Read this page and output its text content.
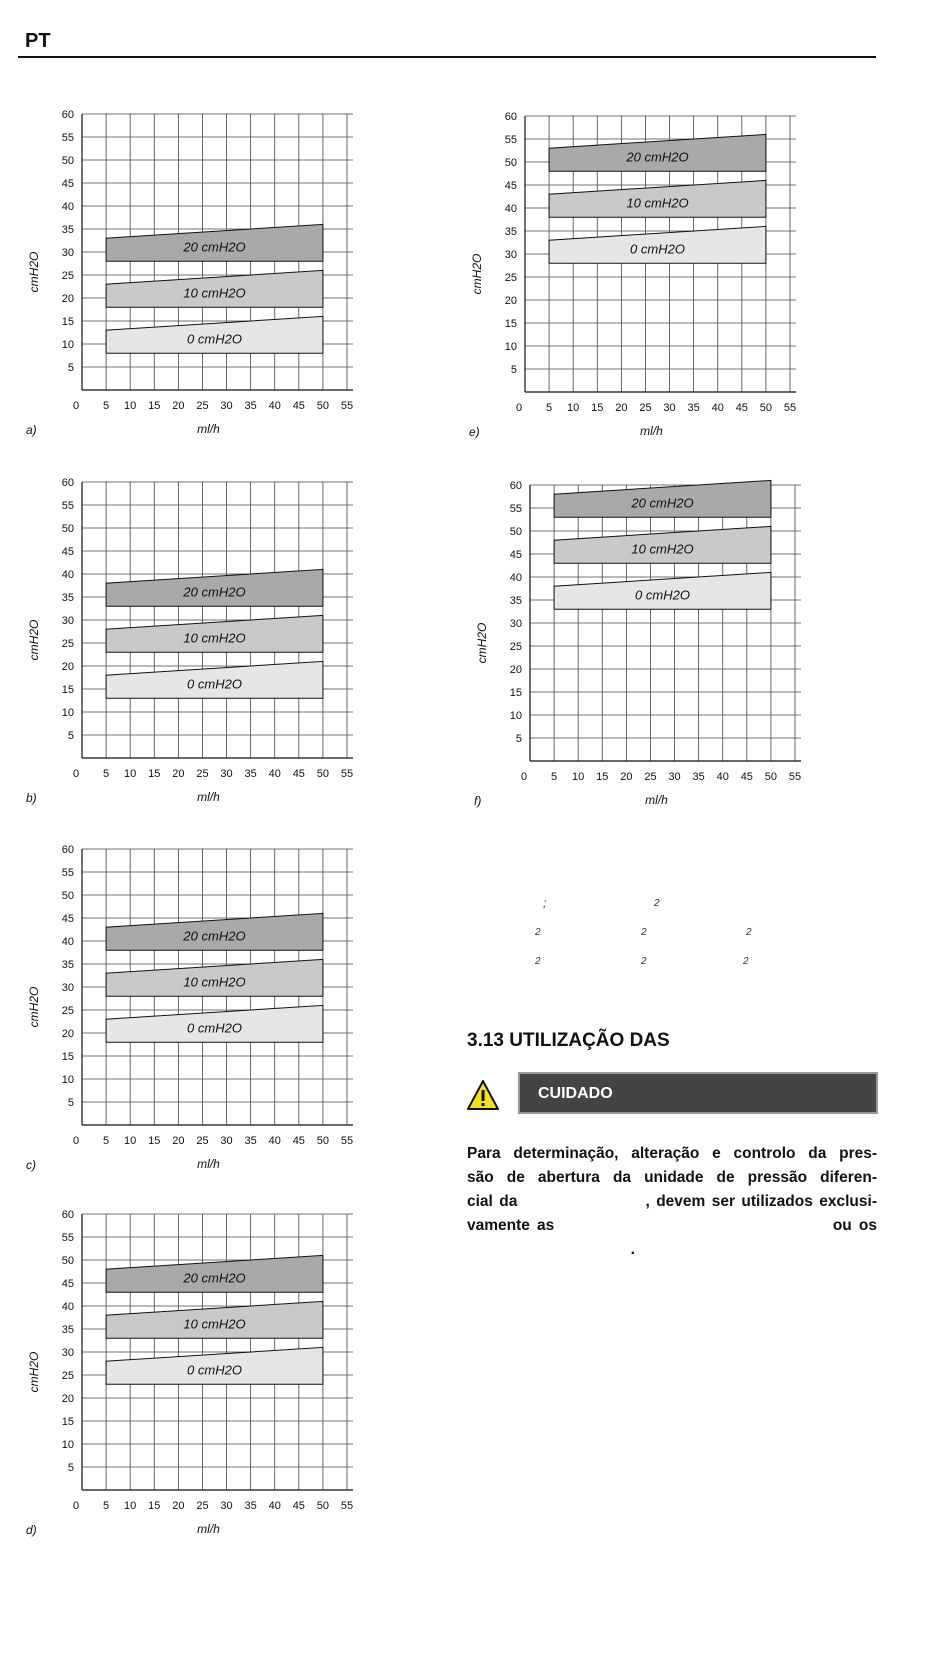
PT
0 cmH2O
10 cmH2O
20 cmH2O
5
10
15
20
25
30
35
40
45
50
55
60
0 5 10 15 20 25 30 35 40 45 50 55
ml/h
cmH2O
a)
0 cmH2O
10 cmH2O
20 cmH2O
5
10
15
20
25
30
35
40
45
50
55
60
0 5 10 15 20 25 30 35 40 45 50 55
ml/h
cmH2O
b)
0 cmH2O
10 cmH2O
20 cmH2O
5
10
15
20
25
30
35
40
45
50
55
60
0 5 10 15 20 25 30 35 40 45 50 55
ml/h
cmH2O
c)
0 cmH2O
10 cmH2O
20 cmH2O
5
10
15
20
25
30
35
40
45
50
55
60
0 5 10 15 20 25 30 35 40 45 50 55
ml/h
cmH2O
d)
0 cmH2O
10 cmH2O
20 cmH2O
5
10
15
20
25
30
35
40
45
50
55
60
0 5 10 15 20 25 30 35 40 45 50 55
ml/h
cmH2O
e)
0 cmH2O
10 cmH2O
20 cmH2O
5
10
15
20
25
30
35
40
45
50
55
60
0 5 10 15 20 25 30 35 40 45 50 55
ml/h
cmH2O
f)
;	2
2	2	2
2	2	2
3.13 UTILIZAÇÃO DAS
CUIDADO
Para determinação, alteração e controlo da pres-
são de abertura da unidade de pressão diferen-
cial da                    , devem ser utilizados exclusi-
vamente as                                       ou os
.
